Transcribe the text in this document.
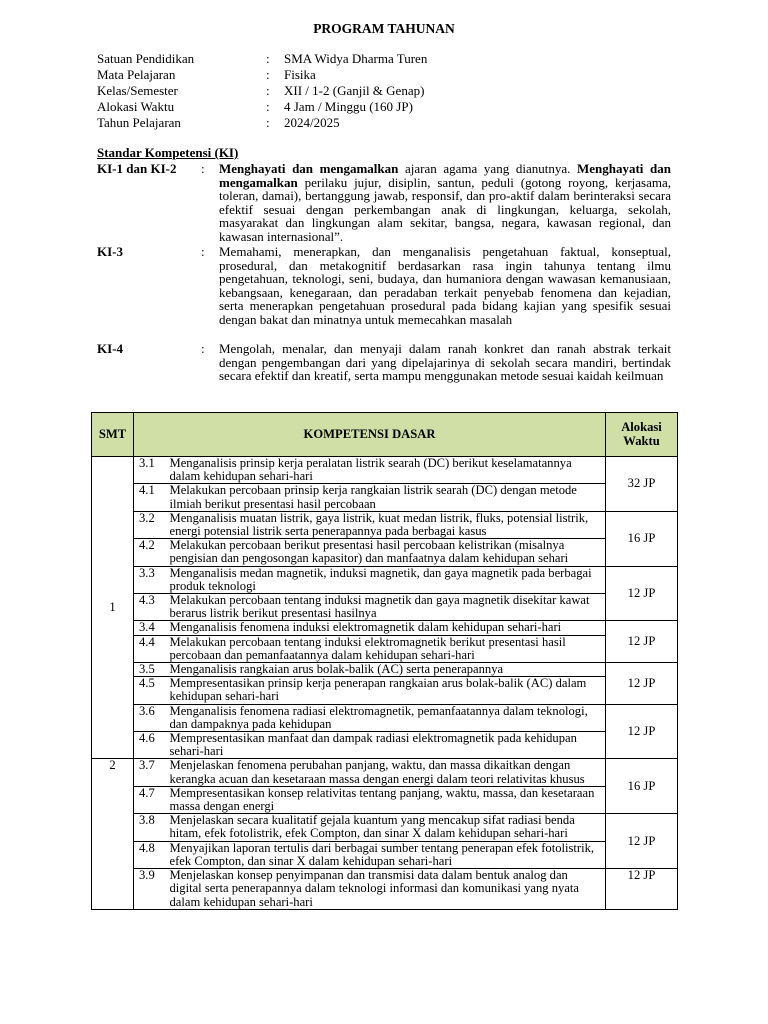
PROGRAM TAHUNAN
Satuan Pendidikan	:	SMA Widya Dharma Turen
Mata Pelajaran	:	Fisika
Kelas/Semester	:	XII / 1-2 (Ganjil & Genap)
Alokasi Waktu	:	4 Jam / Minggu (160 JP)
Tahun Pelajaran	:	2024/2025
Standar Kompetensi (KI)
KI-1 dan KI-2	:	Menghayati dan mengamalkan ajaran agama yang dianutnya. Menghayati dan mengamalkan perilaku jujur, disiplin, santun, peduli (gotong royong, kerjasama, toleran, damai), bertanggung jawab, responsif, dan pro-aktif dalam berinteraksi secara efektif sesuai dengan perkembangan anak di lingkungan, keluarga, sekolah, masyarakat dan lingkungan alam sekitar, bangsa, negara, kawasan regional, dan kawasan internasional”.
KI-3	:	Memahami, menerapkan, dan menganalisis pengetahuan faktual, konseptual, prosedural, dan metakognitif berdasarkan rasa ingin tahunya tentang ilmu pengetahuan, teknologi, seni, budaya, dan humaniora dengan wawasan kemanusiaan, kebangsaan, kenegaraan, dan peradaban terkait penyebab fenomena dan kejadian, serta menerapkan pengetahuan prosedural pada bidang kajian yang spesifik sesuai dengan bakat dan minatnya untuk memecahkan masalah
KI-4	:	Mengolah, menalar, dan menyaji dalam ranah konkret dan ranah abstrak terkait dengan pengembangan dari yang dipelajarinya di sekolah secara mandiri, bertindak secara efektif dan kreatif, serta mampu menggunakan metode sesuai kaidah keilmuan
SMT	KOMPETENSI DASAR		Alokasi Waktu
1	3.1	Menganalisis prinsip kerja peralatan listrik searah (DC) berikut keselamatannya dalam kehidupan sehari-hari	32 JP
	4.1	Melakukan percobaan prinsip kerja rangkaian listrik searah (DC) dengan metode ilmiah berikut presentasi hasil percobaan	
	3.2	Menganalisis muatan listrik, gaya listrik, kuat medan listrik, fluks, potensial listrik, energi potensial listrik serta penerapannya pada berbagai kasus	16 JP
	4.2	Melakukan percobaan berikut presentasi hasil percobaan kelistrikan (misalnya pengisian dan pengosongan kapasitor) dan manfaatnya dalam kehidupan sehari	
	3.3	Menganalisis medan magnetik, induksi magnetik, dan gaya magnetik pada berbagai produk teknologi	12 JP
	4.3	Melakukan percobaan tentang induksi magnetik dan gaya magnetik disekitar kawat berarus listrik berikut presentasi hasilnya	
	3.4	Menganalisis fenomena induksi elektromagnetik dalam kehidupan sehari-hari	12 JP
	4.4	Melakukan percobaan tentang induksi elektromagnetik berikut presentasi hasil percobaan dan pemanfaatannya dalam kehidupan sehari-hari	
	3.5	Menganalisis rangkaian arus bolak-balik (AC) serta penerapannya	12 JP
	4.5	Mempresentasikan prinsip kerja penerapan rangkaian arus bolak-balik (AC) dalam kehidupan sehari-hari	
	3.6	Menganalisis fenomena radiasi elektromagnetik, pemanfaatannya dalam teknologi, dan dampaknya pada kehidupan	12 JP
	4.6	Mempresentasikan manfaat dan dampak radiasi elektromagnetik pada kehidupan sehari-hari	
2	3.7	Menjelaskan fenomena perubahan panjang, waktu, dan massa dikaitkan dengan kerangka acuan dan kesetaraan massa dengan energi dalam teori relativitas khusus	16 JP
	4.7	Mempresentasikan konsep relativitas tentang panjang, waktu, massa, dan kesetaraan massa dengan energi	
	3.8	Menjelaskan secara kualitatif gejala kuantum yang mencakup sifat radiasi benda hitam, efek fotolistrik, efek Compton, dan sinar X dalam kehidupan sehari-hari	12 JP
	4.8	Menyajikan laporan tertulis dari berbagai sumber tentang penerapan efek fotolistrik, efek Compton, dan sinar X dalam kehidupan sehari-hari	
	3.9	Menjelaskan konsep penyimpanan dan transmisi data dalam bentuk analog dan digital serta penerapannya dalam teknologi informasi dan komunikasi yang nyata dalam kehidupan sehari-hari	12 JP
